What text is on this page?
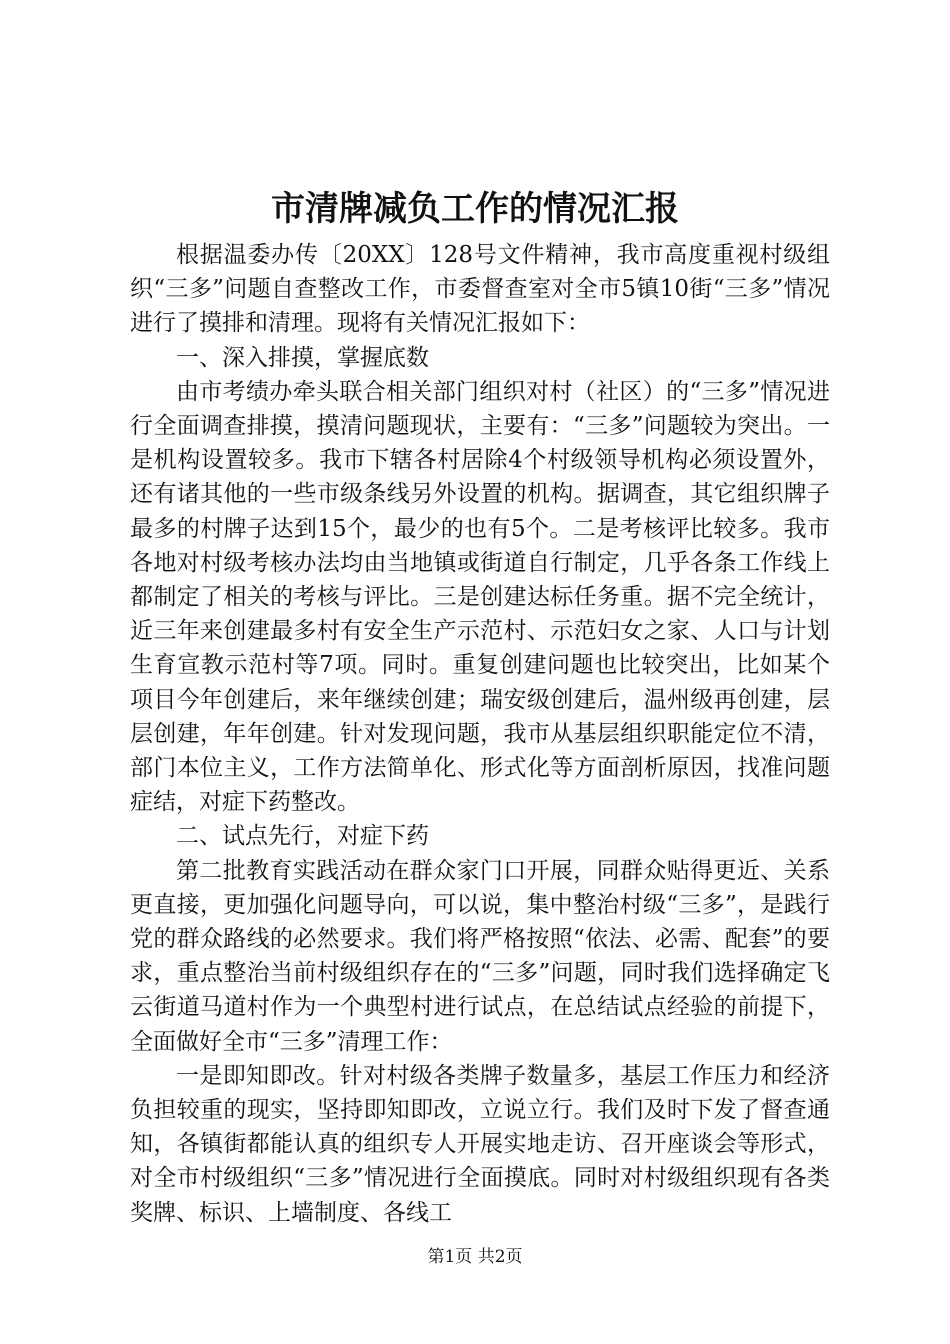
市清牌减负工作的情况汇报

根据温委办传〔20XX〕128号文件精神，我市高度重视村级组织“三多”问题自查整改工作，市委督查室对全市5镇10街“三多”情况进行了摸排和清理。现将有关情况汇报如下：

一、深入排摸，掌握底数

由市考绩办牵头联合相关部门组织对村（社区）的“三多”情况进行全面调查排摸，摸清问题现状，主要有：“三多”问题较为突出。一是机构设置较多。我市下辖各村居除4个村级领导机构必须设置外，还有诸其他的一些市级条线另外设置的机构。据调查，其它组织牌子最多的村牌子达到15个，最少的也有5个。二是考核评比较多。我市各地对村级考核办法均由当地镇或街道自行制定，几乎各条工作线上都制定了相关的考核与评比。三是创建达标任务重。据不完全统计，近三年来创建最多村有安全生产示范村、示范妇女之家、人口与计划生育宣教示范村等7项。同时。重复创建问题也比较突出，比如某个项目今年创建后，来年继续创建；瑞安级创建后，温州级再创建，层层创建，年年创建。针对发现问题，我市从基层组织职能定位不清，部门本位主义，工作方法简单化、形式化等方面剖析原因，找准问题症结，对症下药整改。

二、试点先行，对症下药

第二批教育实践活动在群众家门口开展，同群众贴得更近、关系更直接，更加强化问题导向，可以说，集中整治村级“三多”，是践行党的群众路线的必然要求。我们将严格按照“依法、必需、配套”的要求，重点整治当前村级组织存在的“三多”问题，同时我们选择确定飞云街道马道村作为一个典型村进行试点，在总结试点经验的前提下，全面做好全市“三多”清理工作：

一是即知即改。针对村级各类牌子数量多，基层工作压力和经济负担较重的现实，坚持即知即改，立说立行。我们及时下发了督查通知，各镇街都能认真的组织专人开展实地走访、召开座谈会等形式，对全市村级组织“三多”情况进行全面摸底。同时对村级组织现有各类奖牌、标识、上墙制度、各线工

第1页 共2页
